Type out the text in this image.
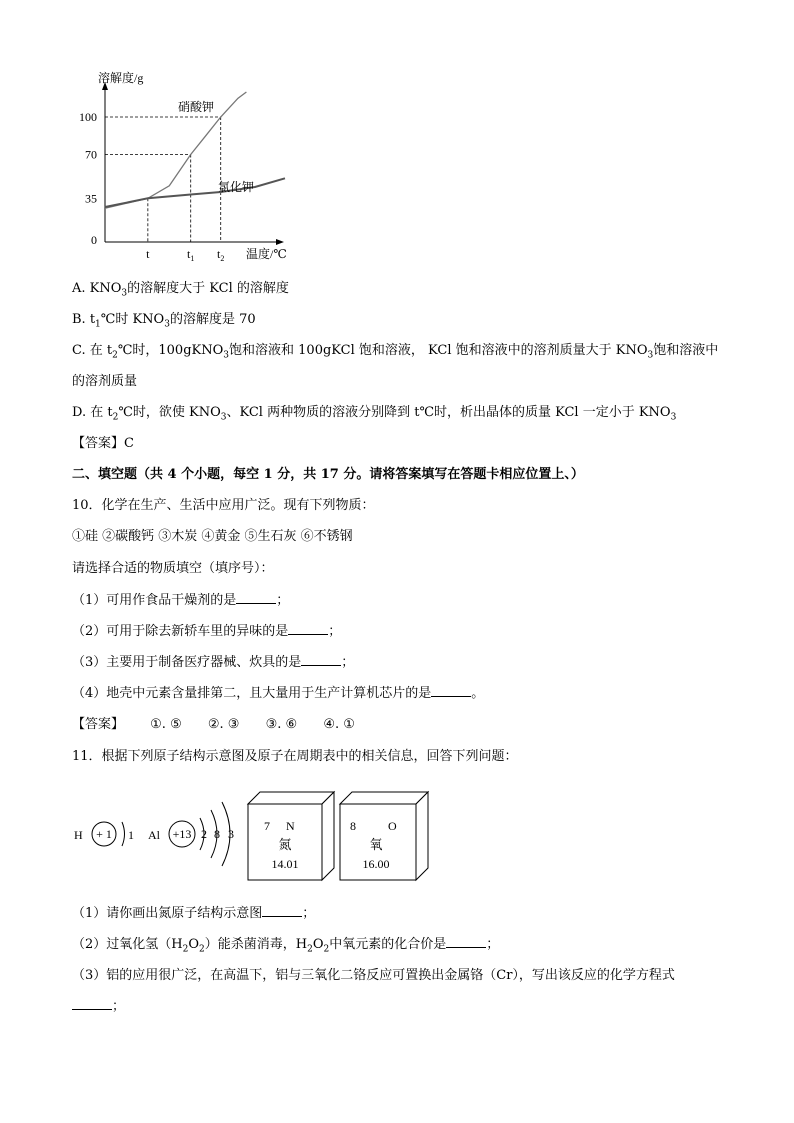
溶解度/g
温度/℃
0
35
70
100
t	$t_1$ $t_2$
硝酸钾
氯化钾
A. $KNO_3$的溶解度大于 KCl 的溶解度
B. $t_1℃$时 $KNO_3$的溶解度是 70
C. 在 $t_2℃$时，100gKNO$_3$饱和溶液和 100gKCl 饱和溶液， KCl 饱和溶液中的溶剂质量大于 $KNO_3$饱和溶液中
的溶剂质量
D. 在 $t_2℃$时，欲使 $KNO_3$、KCl 两种物质的溶液分别降到 t℃时，析出晶体的质量 KCl 一定小于 $KNO_3$
【答案】C
二、填空题（共 4 个小题，每空 1 分，共 17 分。请将答案填写在答题卡相应位置上、）
10．化学在生产、生活中应用广泛。现有下列物质：
①硅 ②碳酸钙 ③木炭 ④黄金 ⑤生石灰 ⑥不锈钢
请选择合适的物质填空（填序号）：
（1）可用作食品干燥剂的是	；
（2）可用于除去新轿车里的异味的是	；
（3）主要用于制备医疗器械、炊具的是	；
（4）地壳中元素含量排第二，且大量用于生产计算机芯片的是	。
【答案】 ①. ⑤ ②. ③ ③. ⑥ ④. ①
11．根据下列原子结构示意图及原子在周期表中的相关信息，回答下列问题：
H + 1 1 Al +13 2 8 3
7 N
氮
14.01
8	O
氧
16.00
（1）请你画出氮原子结构示意图	；
（2）过氧化氢$(H_2O_2)$能杀菌消毒，$H_2O_2$中氧元素的化合价是	；
（3）铝的应用很广泛，在高温下，铝与三氧化二铬反应可置换出金属铬（Cr），写出该反应的化学方程式
；
